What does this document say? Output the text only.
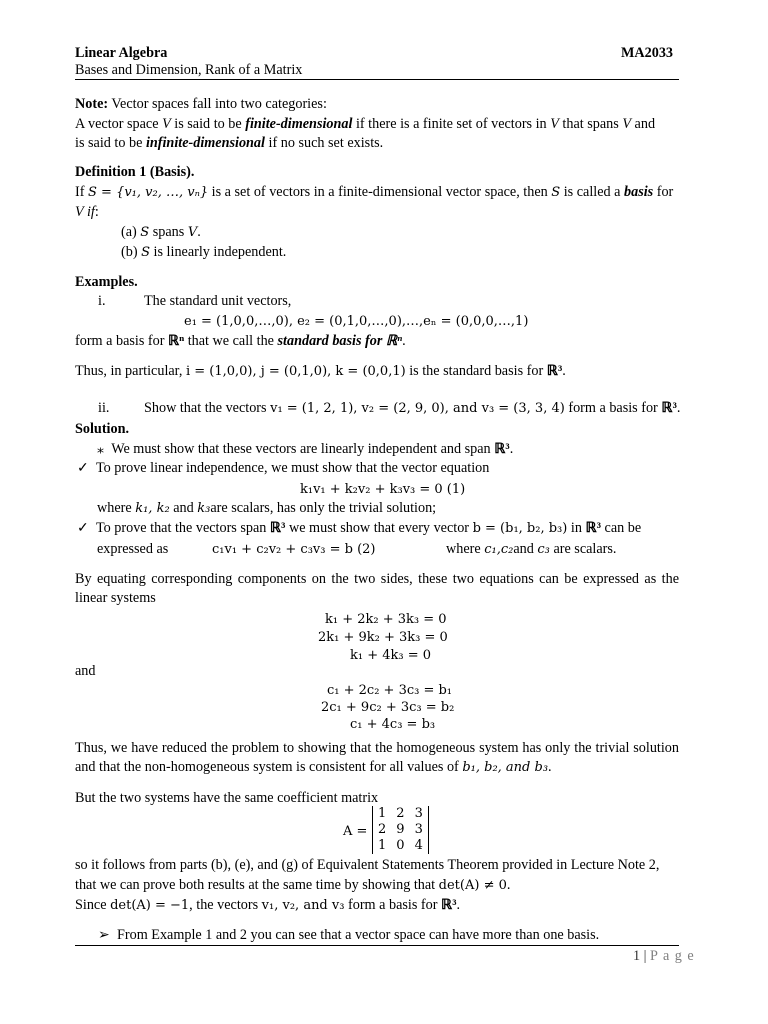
Linear Algebra	MA2033
Bases and Dimension, Rank of a Matrix
Note: Vector spaces fall into two categories:
A vector space V is said to be finite-dimensional if there is a finite set of vectors in V that spans V and
is said to be infinite-dimensional if no such set exists.
Definition 1 (Basis).
If S = {v₁, v₂, …, vₙ} is a set of vectors in a finite-dimensional vector space, then S is called a basis for
V if:
(a) S spans V.
(b) S is linearly independent.
Examples.
i.	The standard unit vectors,
e₁ = (1,0,0,…,0), e₂ = (0,1,0,…,0),…,eₙ = (0,0,0,…,1)
form a basis for ℝⁿ that we call the standard basis for ℝⁿ.
Thus, in particular, i = (1,0,0), j = (0,1,0), k = (0,0,1) is the standard basis for ℝ³.
ii. Show that the vectors v₁ = (1, 2, 1), v₂ = (2, 9, 0), and v₃ = (3, 3, 4) form a basis for ℝ³.
Solution.
⁎ We must show that these vectors are linearly independent and span ℝ³.
✓ To prove linear independence, we must show that the vector equation
k₁v₁ + k₂v₂ + k₃v₃ = 0 (1)
where k₁, k₂ and k₃are scalars, has only the trivial solution;
✓ To prove that the vectors span ℝ³ we must show that every vector b = (b₁, b₂, b₃) in ℝ³ can be
expressed as	c₁v₁ + c₂v₂ + c₃v₃ = b (2)	where c₁,c₂and c₃ are scalars.
By equating corresponding components on the two sides, these two equations can be expressed as the linear systems
k₁ + 2k₂ + 3k₃ = 0
2k₁ + 9k₂ + 3k₃ = 0
k₁ + 4k₃ = 0
and
c₁ + 2c₂ + 3c₃ = b₁
2c₁ + 9c₂ + 3c₃ = b₂
c₁ + 4c₃ = b₃
Thus, we have reduced the problem to showing that the homogeneous system has only the trivial solution and that the non-homogeneous system is consistent for all values of b₁, b₂, and b₃.
But the two systems have the same coefficient matrix
A =
1	2	3
2	9	3
1	0	4
so it follows from parts (b), (e), and (g) of Equivalent Statements Theorem provided in Lecture Note 2,
that we can prove both results at the same time by showing that det(A) ≠ 0.
Since det(A) = −1, the vectors v₁, v₂, and v₃ form a basis for ℝ³.
➢ From Example 1 and 2 you can see that a vector space can have more than one basis.
1 | P a g e
